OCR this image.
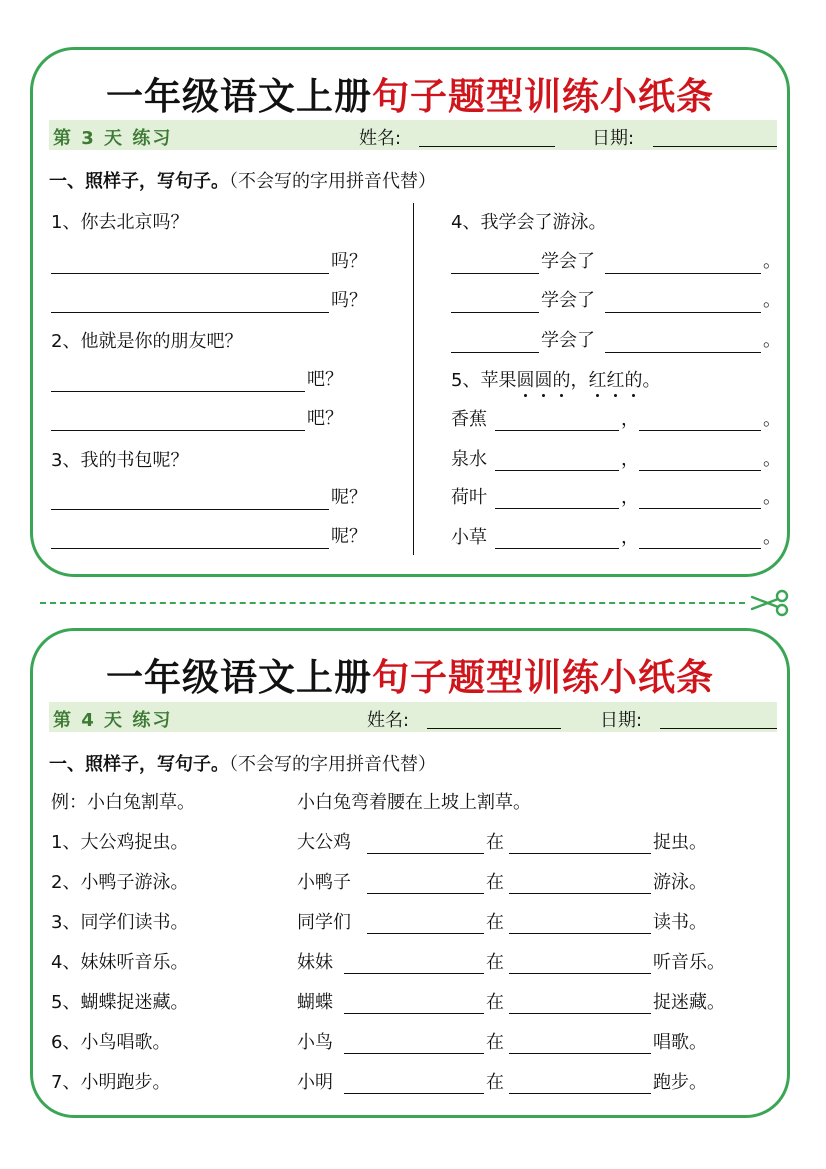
一年级语文上册句子题型训练小纸条
第 3 天 练习	姓名:	日期:
一、照样子，写句子。（不会写的字用拼音代替）
1、你去北京吗？
吗？
吗？
2、他就是你的朋友吧？
吧？
吧？
3、我的书包呢？
呢？
呢？
4、我学会了游泳。
学会了	。
学会了	。
学会了	。
5、苹果圆圆的，红红的。
香蕉	，	。
泉水	，	。
荷叶	，	。
小草	，	。
一年级语文上册句子题型训练小纸条
第 4 天 练习	姓名:	日期:
一、照样子，写句子。（不会写的字用拼音代替）
例：小白兔割草。	小白兔弯着腰在上坡上割草。
1、大公鸡捉虫。	大公鸡	在	捉虫。
2、小鸭子游泳。	小鸭子	在	游泳。
3、同学们读书。	同学们	在	读书。
4、妹妹听音乐。	妹妹	在	听音乐。
5、蝴蝶捉迷藏。	蝴蝶	在	捉迷藏。
6、小鸟唱歌。	小鸟	在	唱歌。
7、小明跑步。	小明	在	跑步。
